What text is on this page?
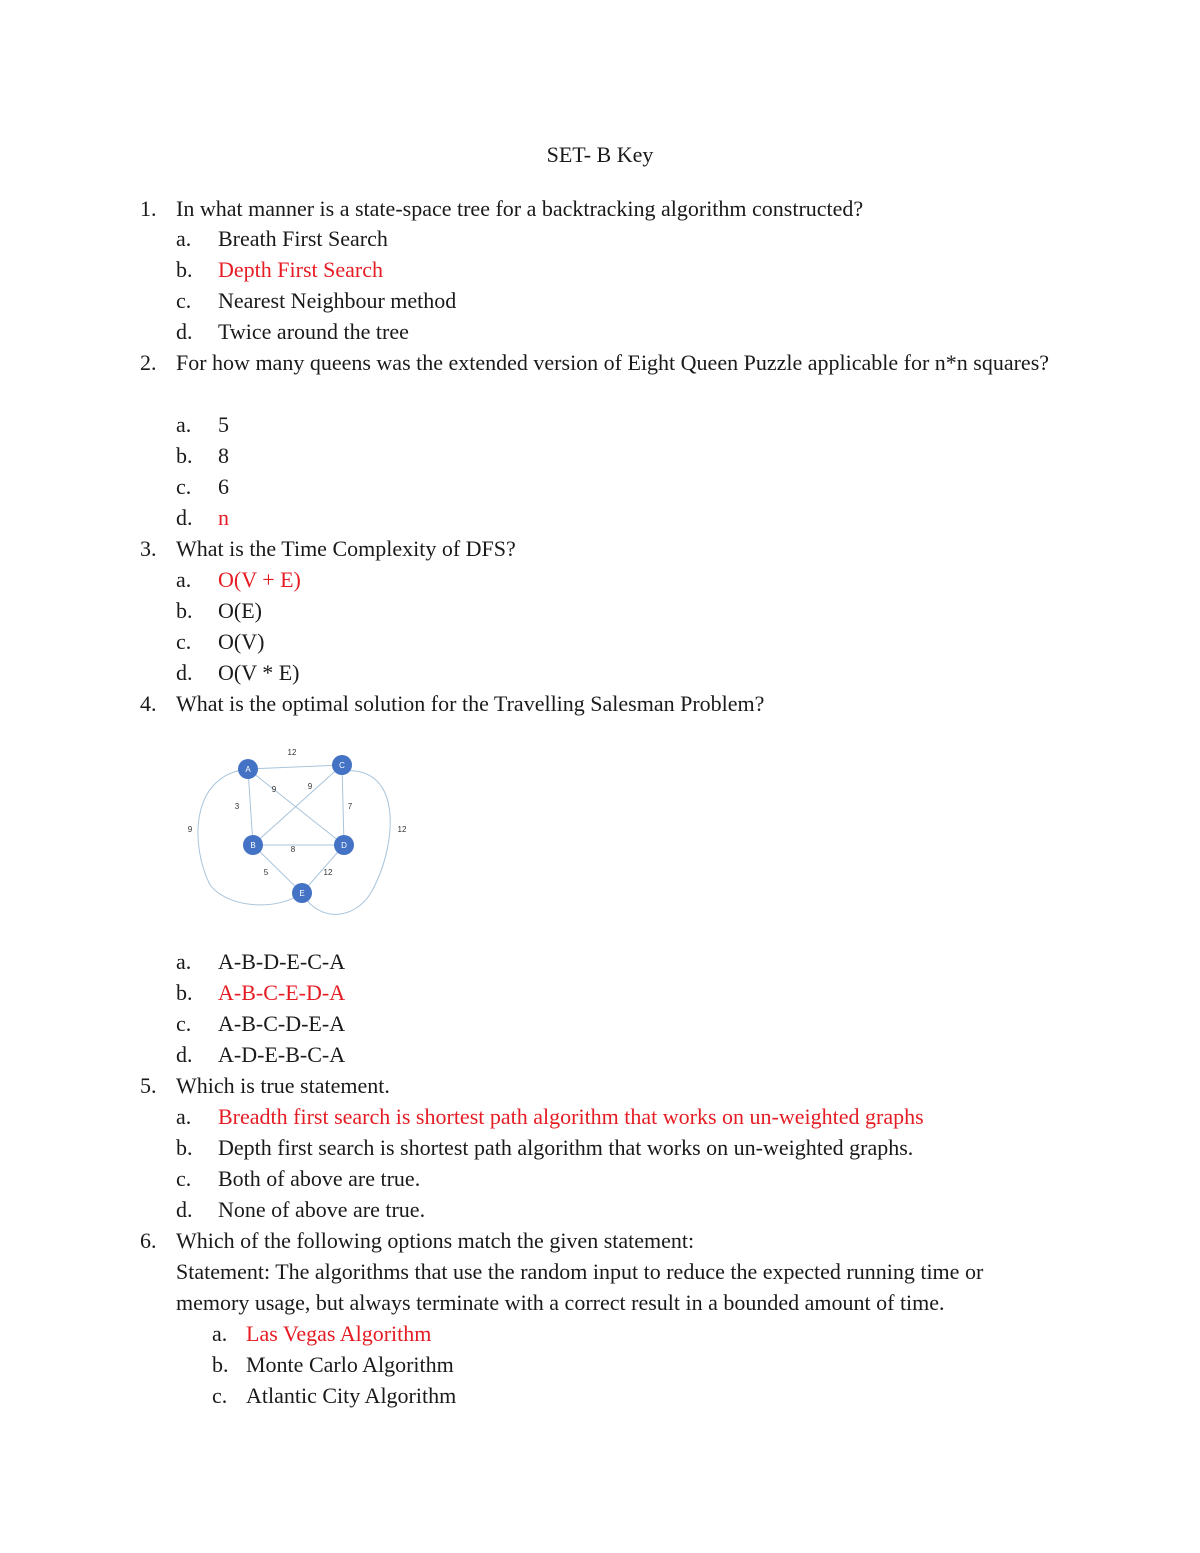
SET- B Key
1. In what manner is a state-space tree for a backtracking algorithm constructed?
a. Breath First Search
b. Depth First Search
c. Nearest Neighbour method
d. Twice around the tree
2. For how many queens was the extended version of Eight Queen Puzzle applicable for n*n squares?
a. 5
b. 8
c. 6
d. n
3. What is the Time Complexity of DFS?
a. O(V + E)
b. O(E)
c. O(V)
d. O(V * E)
4. What is the optimal solution for the Travelling Salesman Problem?
12
9
9
3	7
9
12
8
5	12
A	C
B	D
E
a. A-B-D-E-C-A
b. A-B-C-E-D-A
c. A-B-C-D-E-A
d. A-D-E-B-C-A
5. Which is true statement.
a. Breadth first search is shortest path algorithm that works on un-weighted graphs
b. Depth first search is shortest path algorithm that works on un-weighted graphs.
c. Both of above are true.
d. None of above are true.
6. Which of the following options match the given statement:
Statement: The algorithms that use the random input to reduce the expected running time or memory usage, but always terminate with a correct result in a bounded amount of time.
a. Las Vegas Algorithm
b. Monte Carlo Algorithm
c. Atlantic City Algorithm
